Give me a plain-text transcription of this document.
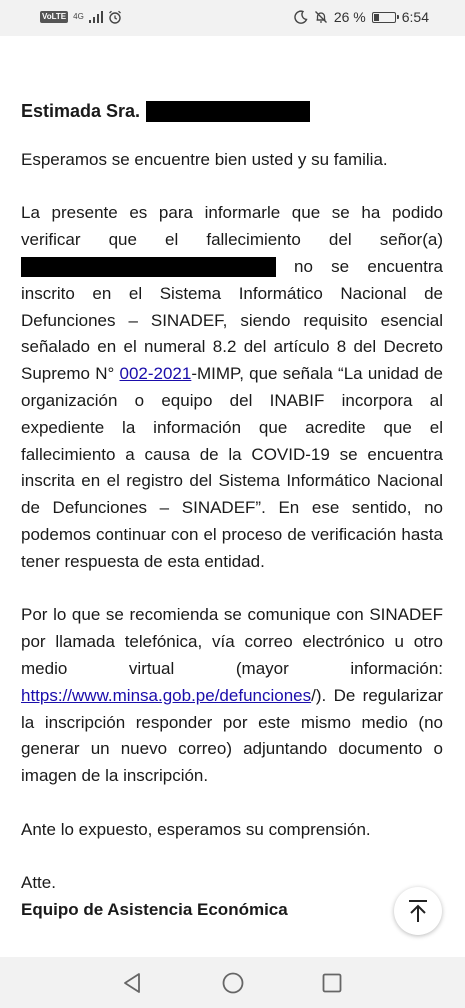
VoLTE 4G	26 %	6:54
Estimada Sra.

Esperamos se encuentre bien usted y su familia.

La presente es para informarle que se ha podido verificar que el fallecimiento del señor(a) no se encuentra inscrito en el Sistema Informático Nacional de Defunciones – SINADEF, siendo requisito esencial señalado en el numeral 8.2 del artículo 8 del Decreto Supremo N° 002-2021-MIMP, que señala “La unidad de organización o equipo del INABIF incorpora al expediente la información que acredite que el fallecimiento a causa de la COVID-19 se encuentra inscrita en el registro del Sistema Informático Nacional de Defunciones – SINADEF”. En ese sentido, no podemos continuar con el proceso de verificación hasta tener respuesta de esta entidad.

Por lo que se recomienda se comunique con SINADEF por llamada telefónica, vía correo electrónico u otro medio virtual (mayor información: https://www.minsa.gob.pe/defunciones/). De regularizar la inscripción responder por este mismo medio (no generar un nuevo correo) adjuntando documento o imagen de la inscripción.

Ante lo expuesto, esperamos su comprensión.

Atte.
Equipo de Asistencia Económica
